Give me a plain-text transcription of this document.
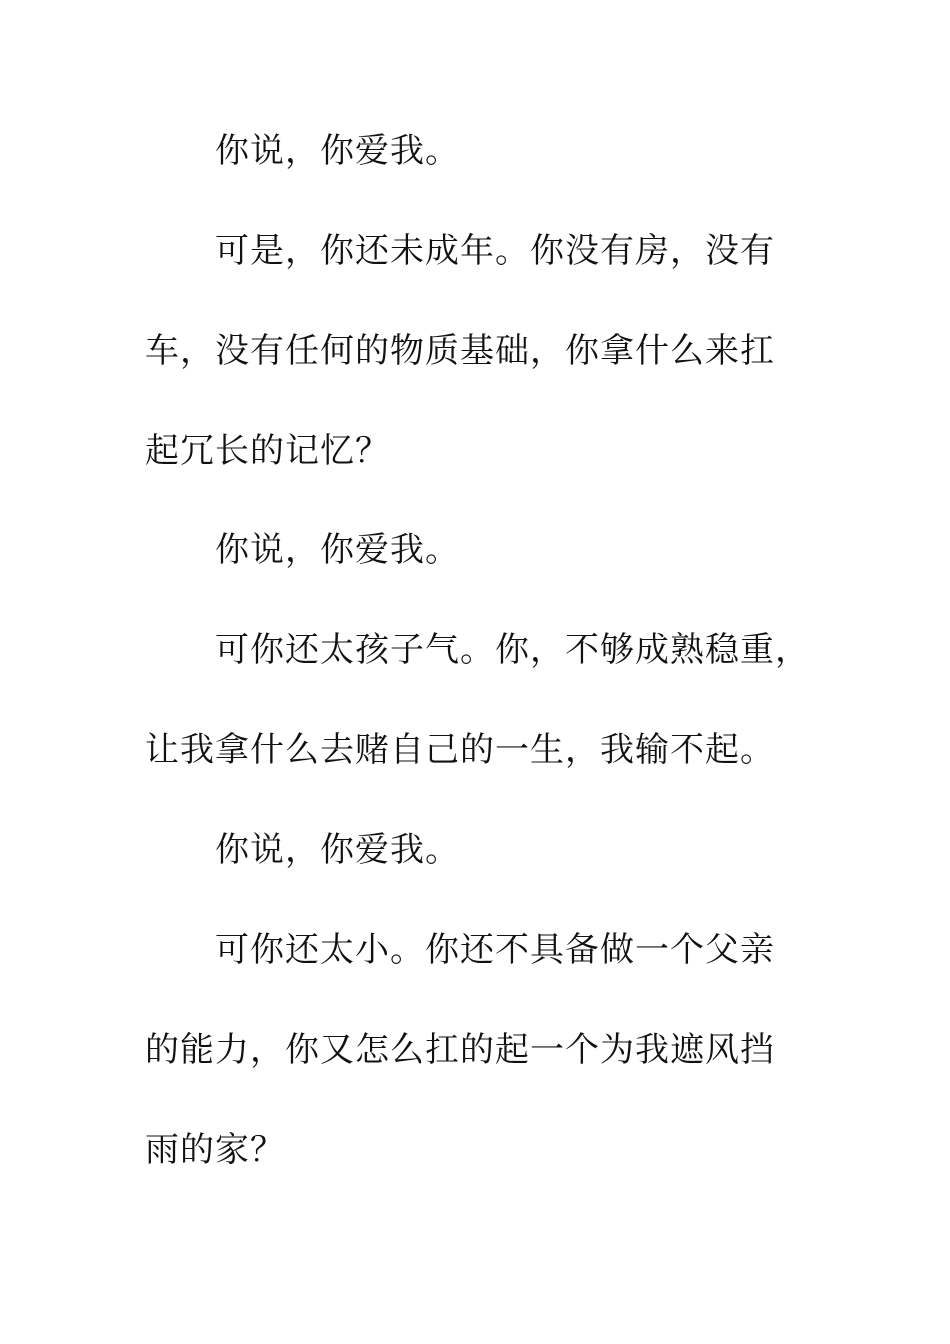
你说，你爱我。
可是，你还未成年。你没有房，没有
车，没有任何的物质基础，你拿什么来扛
起冗长的记忆？
你说，你爱我。
可你还太孩子气。你，不够成熟稳重，
让我拿什么去赌自己的一生，我输不起。
你说，你爱我。
可你还太小。你还不具备做一个父亲
的能力，你又怎么扛的起一个为我遮风挡
雨的家？
